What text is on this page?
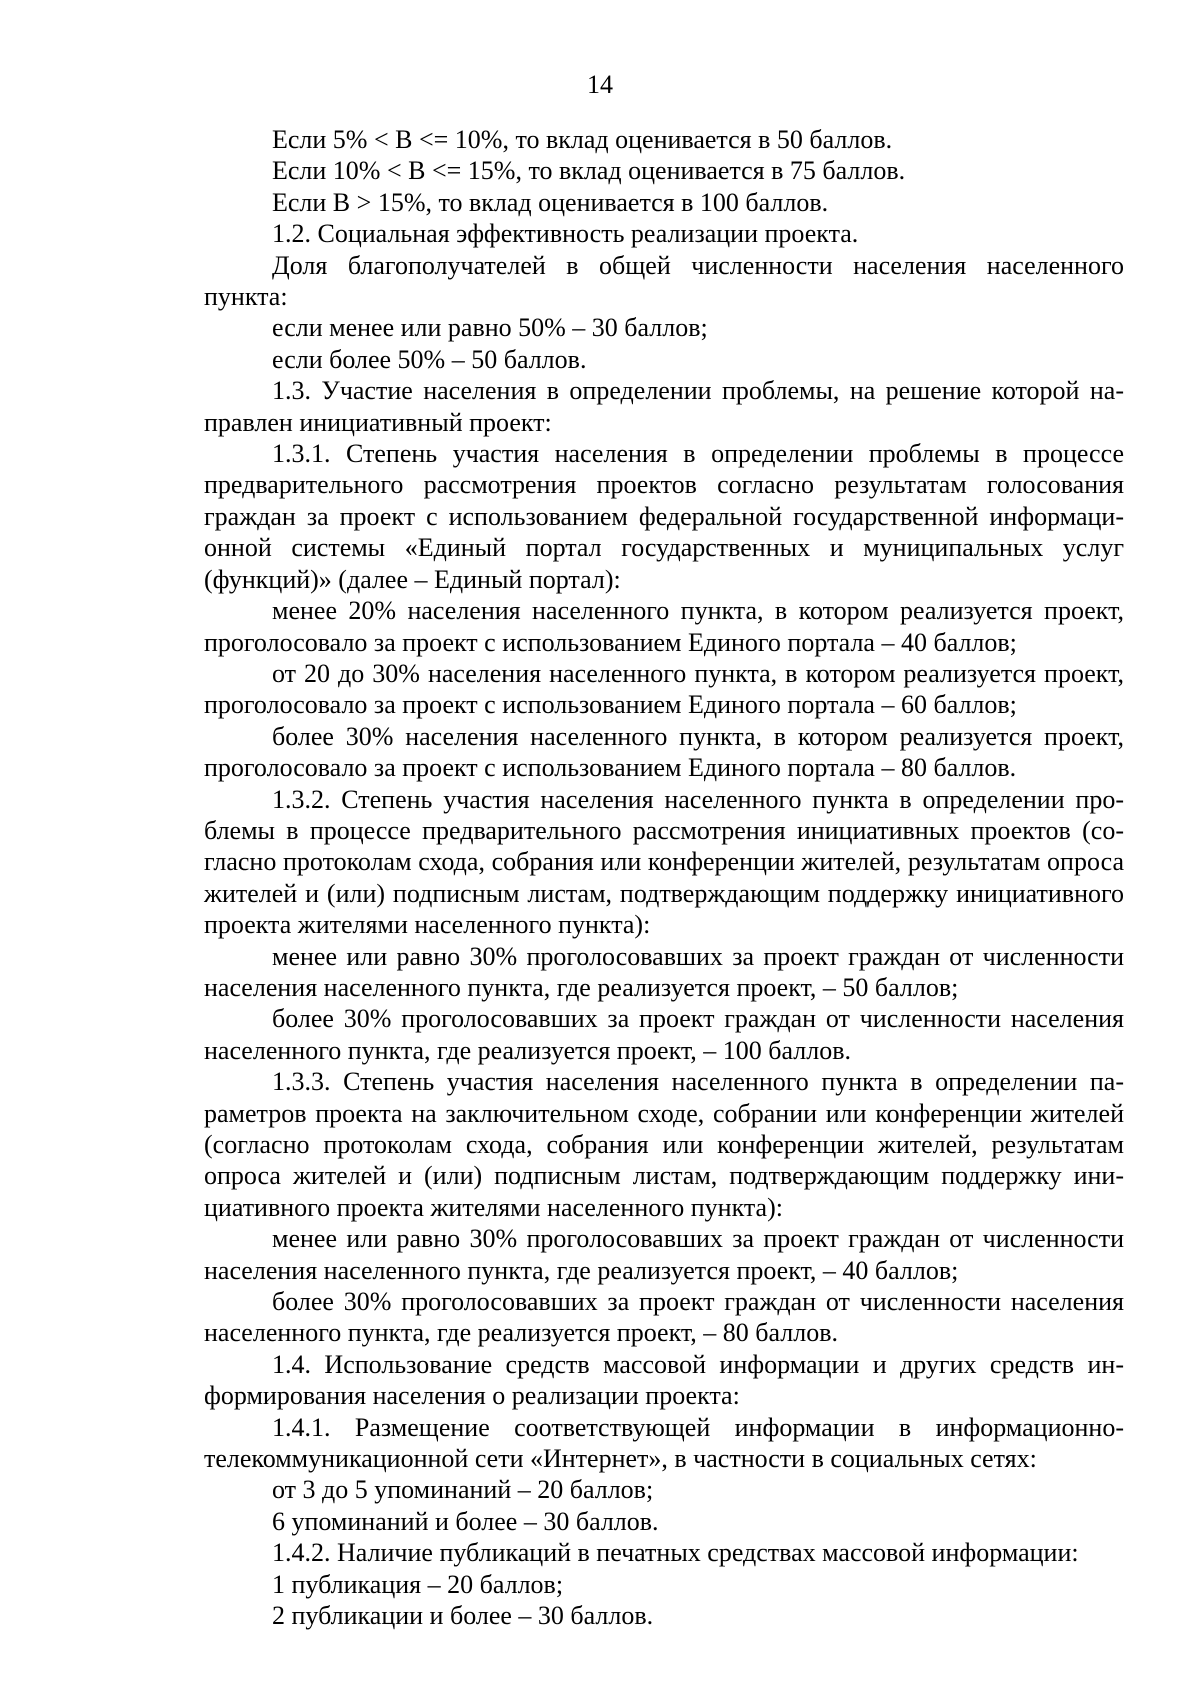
14

Если 5% < В <= 10%, то вклад оценивается в 50 баллов.

Если 10% < В <= 15%, то вклад оценивается в 75 баллов.

Если В > 15%, то вклад оценивается в 100 баллов.

1.2. Социальная эффективность реализации проекта.

Доля благополучателей в общей численности населения населенного пункта:

если менее или равно 50% – 30 баллов;

если более 50% – 50 баллов.

1.3. Участие населения в определении проблемы, на решение которой направлен инициативный проект:

1.3.1. Степень участия населения в определении проблемы в процессе предварительного рассмотрения проектов согласно результатам голосования граждан за проект с использованием федеральной государственной информационной системы «Единый портал государственных и муниципальных услуг (функций)» (далее – Единый портал):

менее 20% населения населенного пункта, в котором реализуется проект, проголосовало за проект с использованием Единого портала – 40 баллов;

от 20 до 30% населения населенного пункта, в котором реализуется проект, проголосовало за проект с использованием Единого портала – 60 баллов;

более 30% населения населенного пункта, в котором реализуется проект, проголосовало за проект с использованием Единого портала – 80 баллов.

1.3.2. Степень участия населения населенного пункта в определении проблемы в процессе предварительного рассмотрения инициативных проектов (согласно протоколам схода, собрания или конференции жителей, результатам опроса жителей и (или) подписным листам, подтверждающим поддержку инициативного проекта жителями населенного пункта):

менее или равно 30% проголосовавших за проект граждан от численности населения населенного пункта, где реализуется проект, – 50 баллов;

более 30% проголосовавших за проект граждан от численности населения населенного пункта, где реализуется проект, – 100 баллов.

1.3.3. Степень участия населения населенного пункта в определении параметров проекта на заключительном сходе, собрании или конференции жителей (согласно протоколам схода, собрания или конференции жителей, результатам опроса жителей и (или) подписным листам, подтверждающим поддержку инициативного проекта жителями населенного пункта):

менее или равно 30% проголосовавших за проект граждан от численности населения населенного пункта, где реализуется проект, – 40 баллов;

более 30% проголосовавших за проект граждан от численности населения населенного пункта, где реализуется проект, – 80 баллов.

1.4. Использование средств массовой информации и других средств информирования населения о реализации проекта:

1.4.1. Размещение соответствующей информации в информационно-телекоммуникационной сети «Интернет», в частности в социальных сетях:

от 3 до 5 упоминаний – 20 баллов;

6 упоминаний и более – 30 баллов.

1.4.2. Наличие публикаций в печатных средствах массовой информации:

1 публикация – 20 баллов;

2 публикации и более – 30 баллов.
